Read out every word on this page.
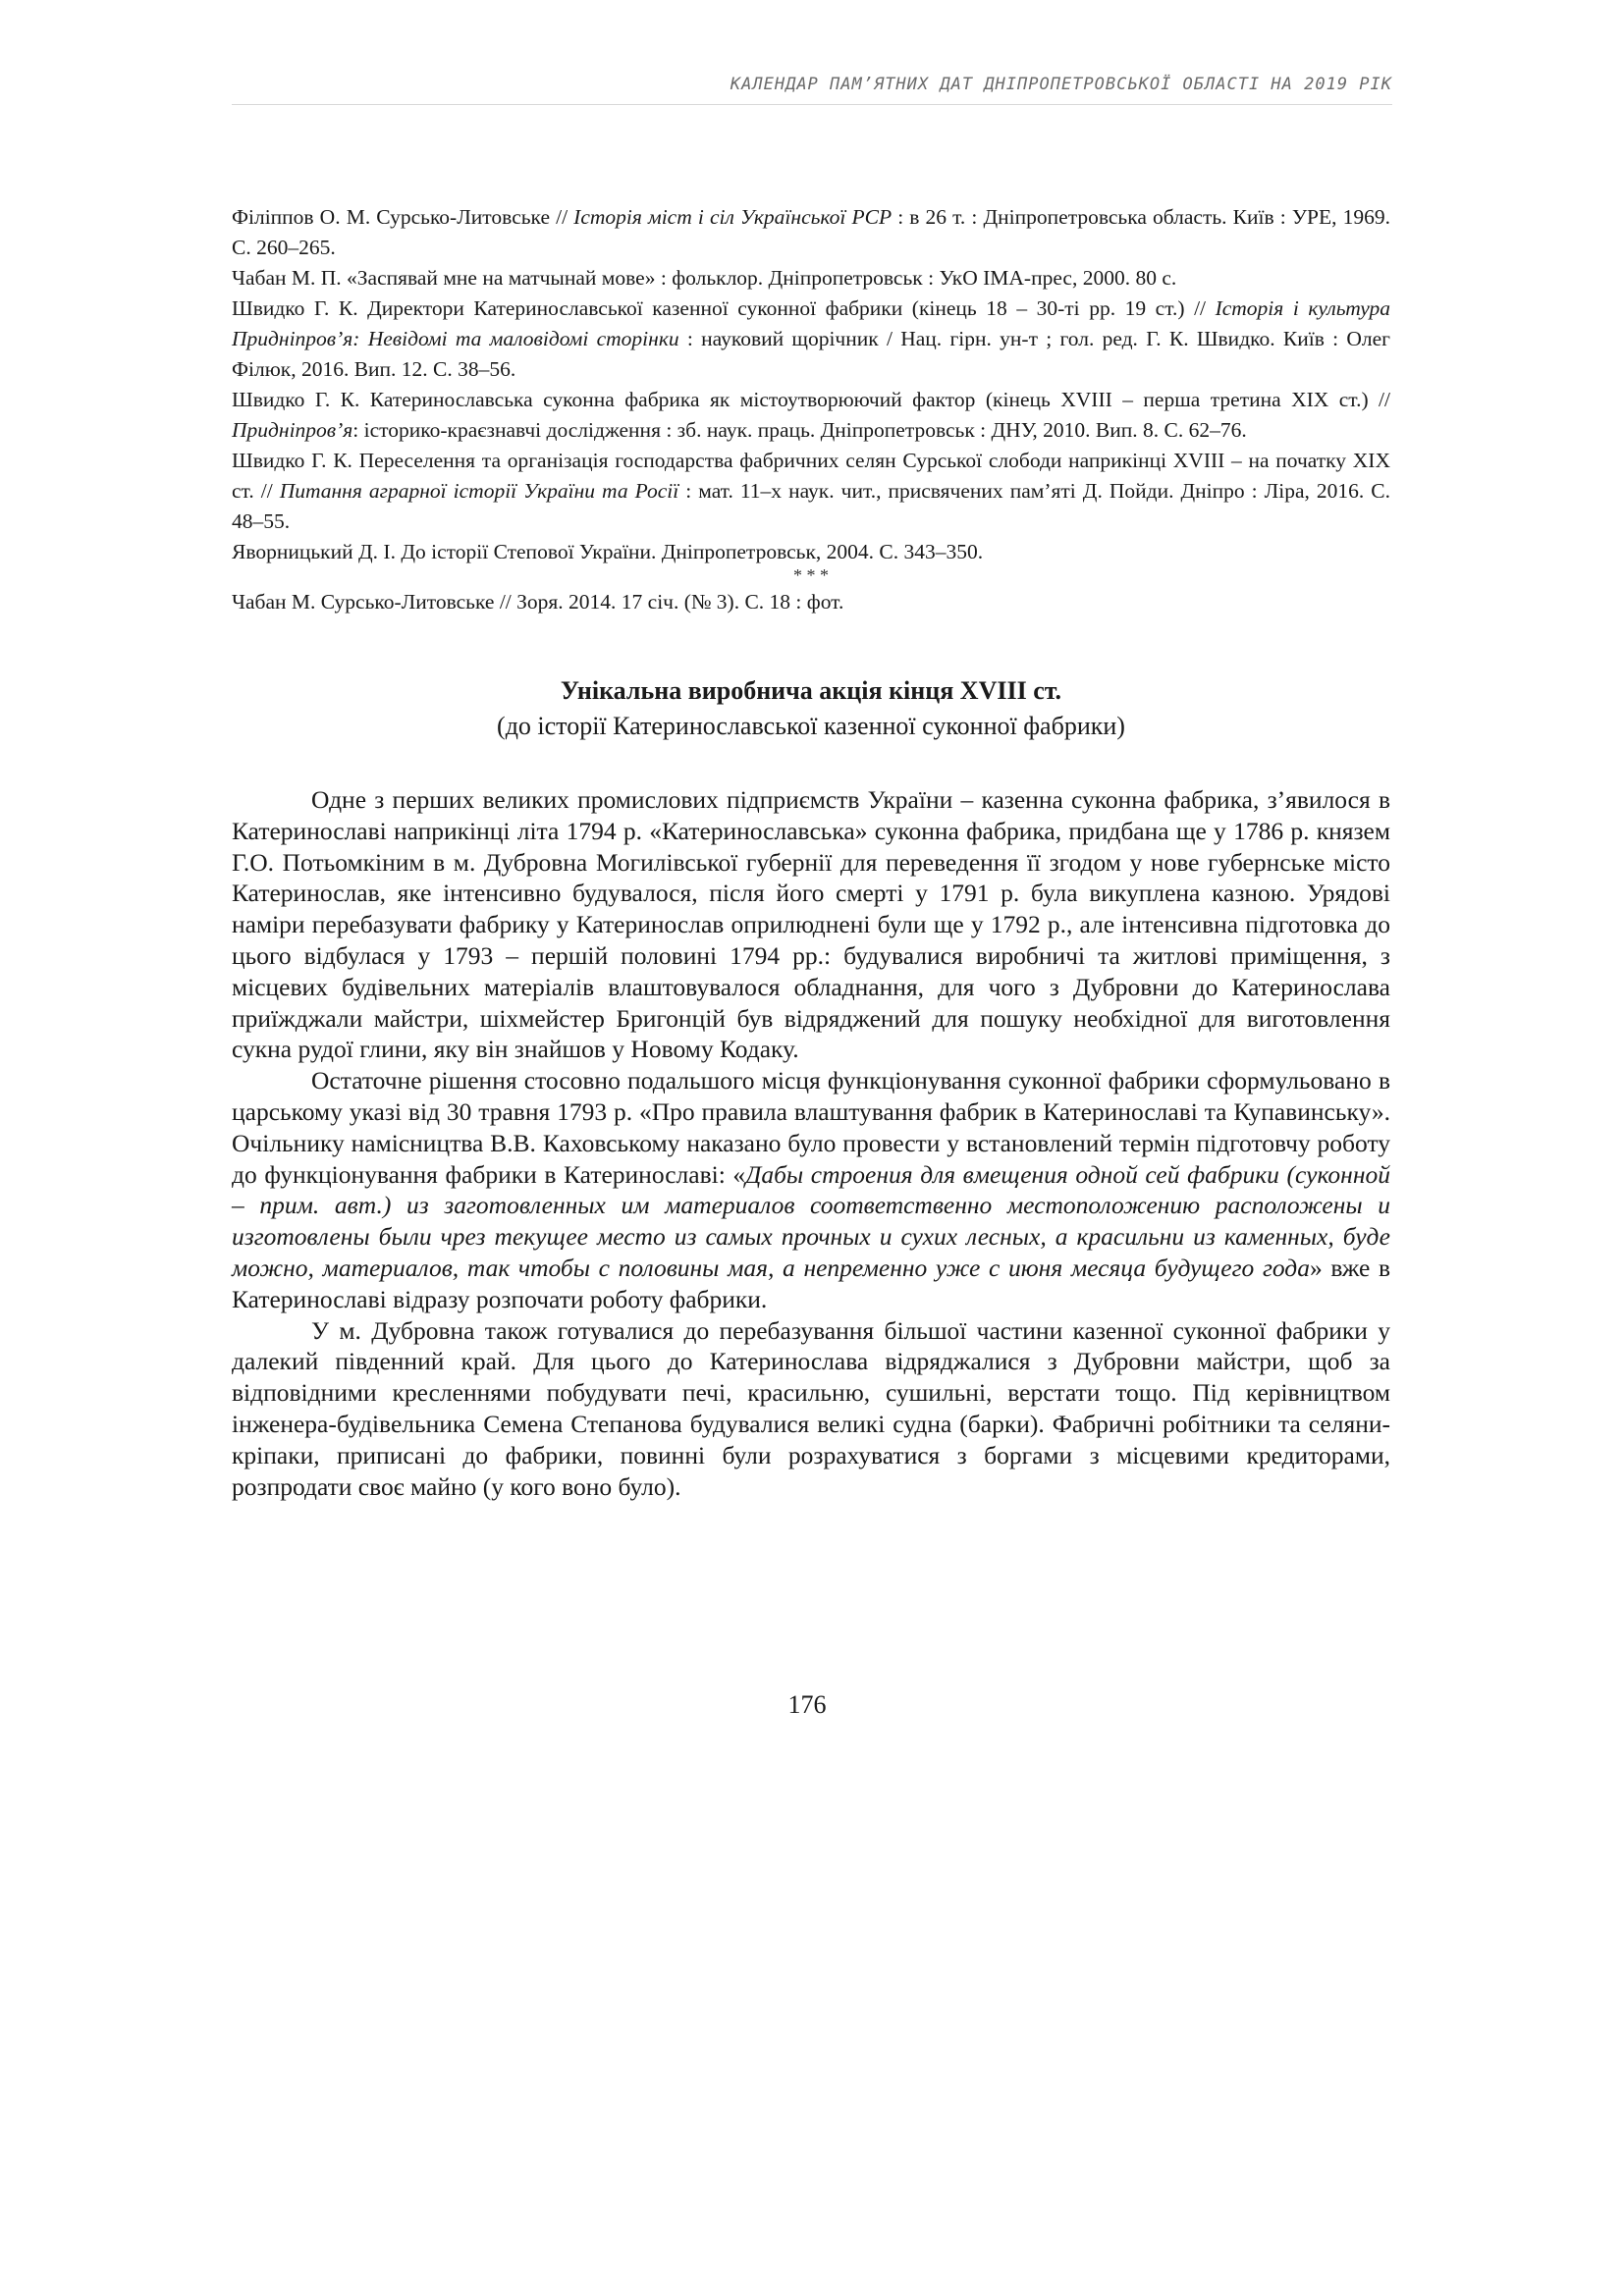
КАЛЕНДАР ПАМ’ЯТНИХ ДАТ ДНІПРОПЕТРОВСЬКОЇ ОБЛАСТІ НА 2019 РІК

Філіппов О. М. Сурсько-Литовське // Історія міст і сіл Української РСР : в 26 т. : Дніпропетровська область. Київ : УРЕ, 1969. С. 260–265.

Чабан М. П. «Заспявай мне на матчынай мове» : фольклор. Дніпропетровськ : УкО ІМА-прес, 2000. 80 с.

Швидко Г. К. Директори Катеринославської казенної суконної фабрики (кінець 18 – 30-ті рр. 19 ст.) // Історія і культура Придніпров’я: Невідомі та маловідомі сторінки : науковий щорічник / Нац. гірн. ун-т ; гол. ред. Г. К. Швидко. Київ : Олег Філюк, 2016. Вип. 12. С. 38–56.

Швидко Г. К. Катеринославська суконна фабрика як містоутворюючий фактор (кінець XVIII – перша третина XIX ст.) // Придніпров’я: історико-краєзнавчі дослідження : зб. наук. праць. Дніпропетровськ : ДНУ, 2010. Вип. 8. С. 62–76.

Швидко Г. К. Переселення та організація господарства фабричних селян Сурської слободи наприкінці XVIII – на початку XIX ст. // Питання аграрної історії України та Росії : мат. 11–х наук. чит., присвячених пам’яті Д. Пойди. Дніпро : Ліра, 2016. С. 48–55.

Яворницький Д. І. До історії Степової України. Дніпропетровськ, 2004. С. 343–350.

* * *

Чабан М. Сурсько-Литовське // Зоря. 2014. 17 січ. (№ 3). С. 18 : фот.

Унікальна виробнича акція кінця XVIII ст.

(до історії Катеринославської казенної суконної фабрики)

Одне з перших великих промислових підприємств України – казенна суконна фабрика, з’явилося в Катеринославі наприкінці літа 1794 р. «Катеринославська» суконна фабрика, придбана ще у 1786 р. князем Г.О. Потьомкіним в м. Дубровна Могилівської губернії для переведення її згодом у нове губернське місто Катеринослав, яке інтенсивно будувалося, після його смерті у 1791 р. була викуплена казною. Урядові наміри перебазувати фабрику у Катеринослав оприлюднені були ще у 1792 р., але інтенсивна підготовка до цього відбулася у 1793 – першій половині 1794 рр.: будувалися виробничі та житлові приміщення, з місцевих будівельних матеріалів влаштовувалося обладнання, для чого з Дубровни до Катеринослава приїжджали майстри, шіхмейстер Бригонцій був відряджений для пошуку необхідної для виготовлення сукна рудої глини, яку він знайшов у Новому Кодаку.

Остаточне рішення стосовно подальшого місця функціонування суконної фабрики сформульовано в царському указі від 30 травня 1793 р. «Про правила влаштування фабрик в Катеринославі та Купавинську». Очільнику намісництва В.В. Каховському наказано було провести у встановлений термін підготовчу роботу до функціонування фабрики в Катеринославі: «Дабы строения для вмещения одной сей фабрики (суконной – прим. авт.) из заготовленных им материалов соответственно местоположению расположены и изготовлены были чрез текущее место из самых прочных и сухих лесных, а красильни из каменных, буде можно, материалов, так чтобы с половины мая, а непременно уже с июня месяца будущего года» вже в Катеринославі відразу розпочати роботу фабрики.

У м. Дубровна також готувалися до перебазування більшої частини казенної суконної фабрики у далекий південний край. Для цього до Катеринослава відряджалися з Дубровни майстри, щоб за відповідними кресленнями побудувати печі, красильню, сушильні, верстати тощо. Під керівництвом інженера-будівельника Семена Степанова будувалися великі судна (барки). Фабричні робітники та селяни-кріпаки, приписані до фабрики, повинні були розрахуватися з боргами з місцевими кредиторами, розпродати своє майно (у кого воно було).

176
